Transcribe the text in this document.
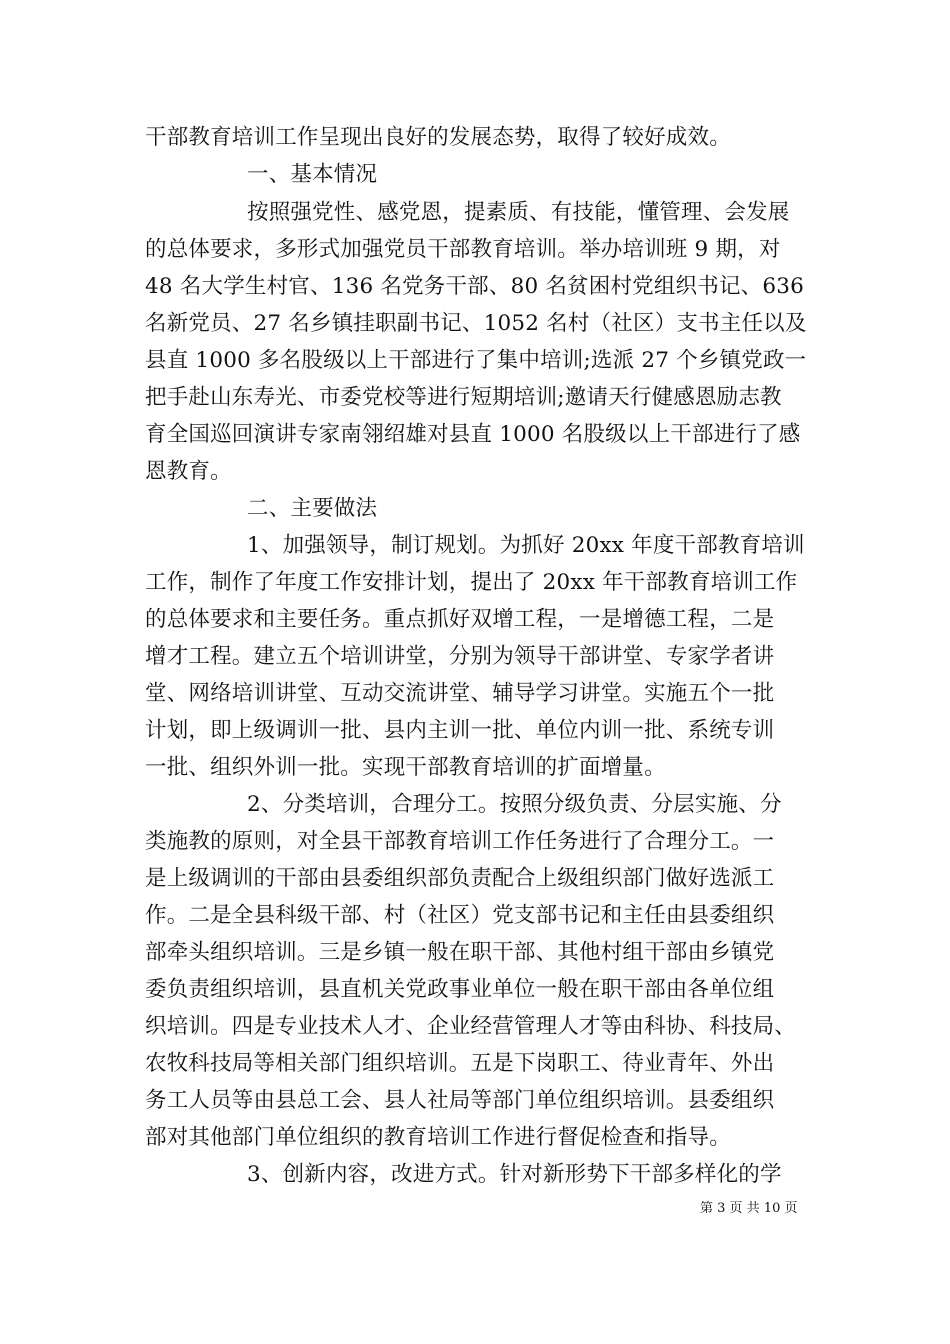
干部教育培训工作呈现出良好的发展态势，取得了较好成效。
一、基本情况
按照强党性、感党恩，提素质、有技能，懂管理、会发展
的总体要求，多形式加强党员干部教育培训。举办培训班 9 期，对
48 名大学生村官、136 名党务干部、80 名贫困村党组织书记、636
名新党员、27 名乡镇挂职副书记、1052 名村（社区）支书主任以及
县直 1000 多名股级以上干部进行了集中培训;选派 27 个乡镇党政一
把手赴山东寿光、市委党校等进行短期培训;邀请天行健感恩励志教
育全国巡回演讲专家南翎绍雄对县直 1000 名股级以上干部进行了感
恩教育。
二、主要做法
1、加强领导，制订规划。为抓好 20xx 年度干部教育培训
工作，制作了年度工作安排计划，提出了 20xx 年干部教育培训工作
的总体要求和主要任务。重点抓好双增工程，一是增德工程，二是
增才工程。建立五个培训讲堂，分别为领导干部讲堂、专家学者讲
堂、网络培训讲堂、互动交流讲堂、辅导学习讲堂。实施五个一批
计划，即上级调训一批、县内主训一批、单位内训一批、系统专训
一批、组织外训一批。实现干部教育培训的扩面增量。
2、分类培训，合理分工。按照分级负责、分层实施、分
类施教的原则，对全县干部教育培训工作任务进行了合理分工。一
是上级调训的干部由县委组织部负责配合上级组织部门做好选派工
作。二是全县科级干部、村（社区）党支部书记和主任由县委组织
部牵头组织培训。三是乡镇一般在职干部、其他村组干部由乡镇党
委负责组织培训，县直机关党政事业单位一般在职干部由各单位组
织培训。四是专业技术人才、企业经营管理人才等由科协、科技局、
农牧科技局等相关部门组织培训。五是下岗职工、待业青年、外出
务工人员等由县总工会、县人社局等部门单位组织培训。县委组织
部对其他部门单位组织的教育培训工作进行督促检查和指导。
3、创新内容，改进方式。针对新形势下干部多样化的学
第 3 页 共 10 页
